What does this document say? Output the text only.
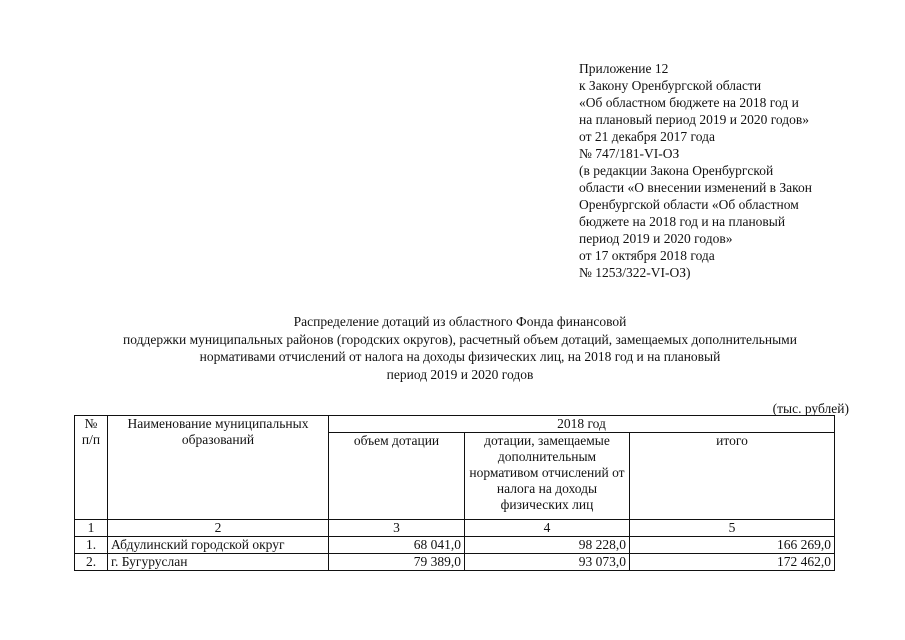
Приложение 12
к Закону Оренбургской области
«Об областном бюджете на 2018 год и
на плановый период 2019 и 2020 годов»
от 21 декабря 2017 года
№ 747/181-VI-ОЗ
(в редакции Закона Оренбургской
области «О внесении изменений в Закон
Оренбургской области «Об областном
бюджете на 2018 год и на плановый
период 2019 и 2020 годов»
от 17 октября 2018 года
№ 1253/322-VI-ОЗ)
Распределение дотаций из областного Фонда финансовой
поддержки муниципальных районов (городских округов), расчетный объем дотаций, замещаемых дополнительными
нормативами отчислений от налога на доходы физических лиц, на 2018 год и на плановый
период 2019 и 2020 годов
(тыс. рублей)
№ п/п	Наименование муниципальных образований	2018 год		
		объем дотации	дотации, замещаемые дополнительным нормативом отчислений от налога на доходы физических лиц	итого
1	2	3	4	5
1.	Абдулинский городской округ	68 041,0	98 228,0	166 269,0
2.	г. Бугуруслан	79 389,0	93 073,0	172 462,0
